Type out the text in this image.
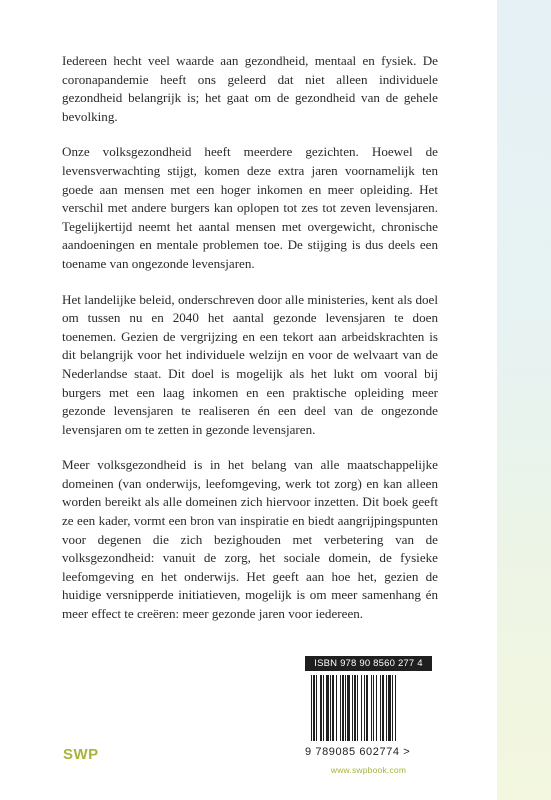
Iedereen hecht veel waarde aan gezondheid, mentaal en fysiek. De coronapandemie heeft ons geleerd dat niet alleen individuele gezondheid belangrijk is; het gaat om de gezondheid van de gehele bevolking.

Onze volksgezondheid heeft meerdere gezichten. Hoewel de levensverwachting stijgt, komen deze extra jaren voornamelijk ten goede aan mensen met een hoger inkomen en meer opleiding. Het verschil met andere burgers kan oplopen tot zes tot zeven levensjaren. Tegelijkertijd neemt het aantal mensen met overgewicht, chronische aandoeningen en mentale problemen toe. De stijging is dus deels een toename van ongezonde levensjaren.

Het landelijke beleid, onderschreven door alle ministeries, kent als doel om tussen nu en 2040 het aantal gezonde levensjaren te doen toenemen. Gezien de vergrijzing en een tekort aan arbeidskrachten is dit belangrijk voor het individuele welzijn en voor de welvaart van de Nederlandse staat. Dit doel is mogelijk als het lukt om vooral bij burgers met een laag inkomen en een praktische opleiding meer gezonde levensjaren te realiseren én een deel van de ongezonde levensjaren om te zetten in gezonde levensjaren.

Meer volksgezondheid is in het belang van alle maatschappelijke domeinen (van onderwijs, leefomgeving, werk tot zorg) en kan alleen worden bereikt als alle domeinen zich hiervoor inzetten. Dit boek geeft ze een kader, vormt een bron van inspiratie en biedt aangrijpingspunten voor degenen die zich bezighouden met verbetering van de volksgezondheid: vanuit de zorg, het sociale domein, de fysieke leefomgeving en het onderwijs. Het geeft aan hoe het, gezien de huidige versnipperde initiatieven, mogelijk is om meer samenhang én meer effect te creëren: meer gezonde jaren voor iedereen.

SWP
ISBN 978 90 8560 277 4
9 789085 602774 >
www.swpbook.com
